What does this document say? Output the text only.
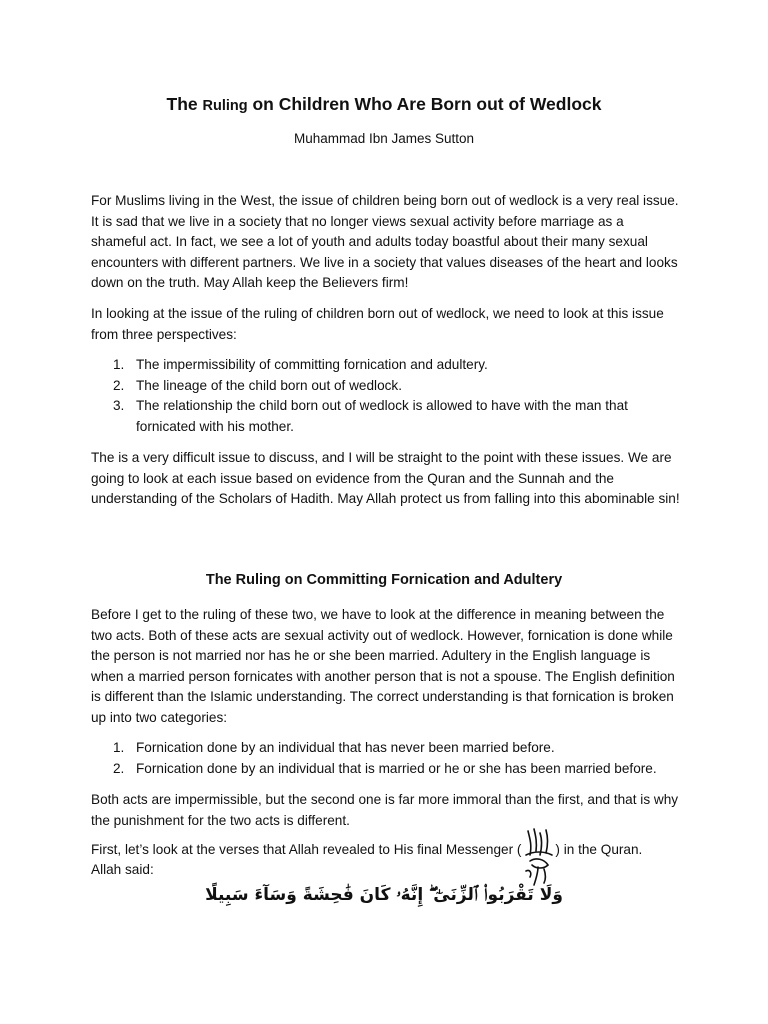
The Ruling on Children Who Are Born out of Wedlock
Muhammad Ibn James Sutton

For Muslims living in the West, the issue of children being born out of wedlock is a very real issue. It is sad that we live in a society that no longer views sexual activity before marriage as a shameful act. In fact, we see a lot of youth and adults today boastful about their many sexual encounters with different partners. We live in a society that values diseases of the heart and looks down on the truth. May Allah keep the Believers firm!

In looking at the issue of the ruling of children born out of wedlock, we need to look at this issue from three perspectives:

1. The impermissibility of committing fornication and adultery.
2. The lineage of the child born out of wedlock.
3. The relationship the child born out of wedlock is allowed to have with the man that fornicated with his mother.

The is a very difficult issue to discuss, and I will be straight to the point with these issues. We are going to look at each issue based on evidence from the Quran and the Sunnah and the understanding of the Scholars of Hadith. May Allah protect us from falling into this abominable sin!

The Ruling on Committing Fornication and Adultery

Before I get to the ruling of these two, we have to look at the difference in meaning between the two acts. Both of these acts are sexual activity out of wedlock. However, fornication is done while the person is not married nor has he or she been married. Adultery in the English language is when a married person fornicates with another person that is not a spouse. The English definition is different than the Islamic understanding. The correct understanding is that fornication is broken up into two categories:

1. Fornication done by an individual that has never been married before.
2. Fornication done by an individual that is married or he or she has been married before.

Both acts are impermissible, but the second one is far more immoral than the first, and that is why the punishment for the two acts is different.

First, let’s look at the verses that Allah revealed to His final Messenger (	) in the Quran.
Allah said:

وَلَا تَقْرَبُوا۟ ٱلزِّنَىٰٓ ۖ إِنَّهُۥ كَانَ فَٰحِشَةً وَسَآءَ سَبِيلًا
